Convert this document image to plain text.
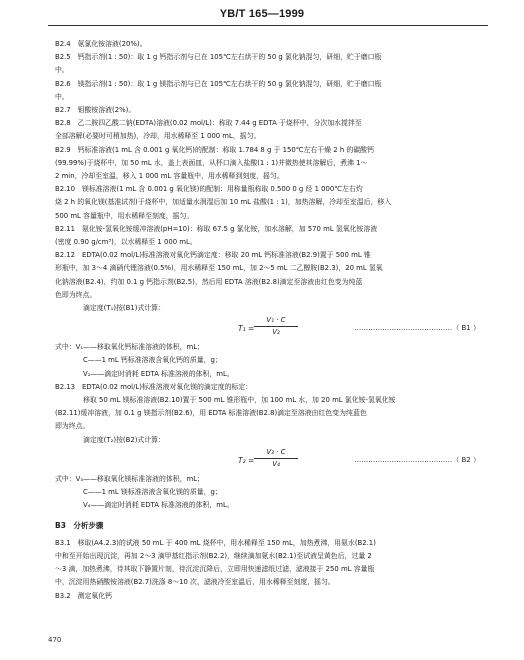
YB/T 165—1999

B2.4　氨氯化铵溶液(20%)。

B2.5　钙指示剂(1 : 50)：取 1 g 钙指示剂与已在 105℃左右烘干的 50 g 氯化钠混匀，研细，贮于磨口瓶

中。

B2.6　镁指示剂(1 : 50)：取 1 g 镁指示剂与已在 105℃左右烘干的 50 g 氯化钠混匀，研细，贮于磨口瓶

中。

B2.7　钼酸铵溶液(2%)。

B2.8　乙二胺四乙酸二钠(EDTA)溶液(0.02 mol/L)：称取 7.44 g EDTA 于烧杯中，分次加水搅拌至

全部溶解(必要时可稍加热)，冷却，用水稀释至 1 000 mL，摇匀。

B2.9　钙标准溶液(1 mL 含 0.001 g 氧化钙)的配制：称取 1.784 8 g 于 150℃左右干燥 2 h 的碳酸钙

(99.99%)于烧杯中，加 50 mL 水，盖上表面皿，从杯口滴入盐酸(1 : 1)并微热使其溶解后，煮沸 1～

2 min，冷却至室温，移入 1 000 mL 容量瓶中，用水稀释到刻度，摇匀。

B2.10　镁标准溶液(1 mL 含 0.001 g 氧化镁)的配制：用称量瓶称取 0.500 0 g 经 1 000℃左右灼

烧 2 h 的氧化镁(基准试剂)于烧杯中，加适量水润湿后加 10 mL 盐酸(1 : 1)，加热溶解，冷却至室温后，移入

500 mL 容量瓶中，用水稀释至刻度，摇匀。

B2.11　氨化铵-氢氧化铵缓冲溶液(pH=10)：称取 67.5 g 氯化铵，加水溶解，加 570 mL 氢氧化铵溶液

(密度 0.90 g/cm³)，以水稀释至 1 000 mL。

B2.12　EDTA(0.02 mol/L)标准溶液对氧化钙滴定度：移取 20 mL 钙标准溶液(B2.9)置于 500 mL 锥

形瓶中，加 3～4 滴硝代锂溶液(0.5%)，用水稀释至 150 mL，加 2～5 mL 二乙醇胺(B2.3)，20 mL 氢氧

化钠溶液(B2.4)，约加 0.1 g 钙指示剂(B2.5)，然后用 EDTA 溶液(B2.8)滴定至溶液由红色变为纯蓝

色即为终点。

滴定度(T₁)按(B1)式计算：

T₁ =
V₁ · C
V₂	……………………………………（ B1 ）

式中：V₁——移取氧化钙标准溶液的体积，mL；

C——1 mL 钙标准溶液含氧化钙的质量，g；

V₂——滴定时消耗 EDTA 标准溶液的体积，mL。

B2.13　EDTA(0.02 mol/L)标准溶液对氧化镁的滴定度的标定：

移取 50 mL 镁标准溶液(B2.10)置于 500 mL 锥形瓶中，加 100 mL 水，加 20 mL 氯化铵-氢氧化铵

(B2.11)缓冲溶液，加 0.1 g 镁指示剂(B2.6)，用 EDTA 标准溶液(B2.8)滴定至溶液由红色变为纯蓝色

即为终点。

滴定度(T₂)按(B2)式计算：

T₂ =
V₃ · C
V₄	……………………………………（ B2 ）

式中：V₃——移取氧化镁标准溶液的体积，mL；

C——1 mL 镁标准溶液含氧化镁的质量，g；

V₄——滴定时消耗 EDTA 标准溶液的体积，mL。

B3　分析步骤

B3.1　移取(A4.2.3)的试液 50 mL 于 400 mL 烧杯中，用水稀释至 150 mL，加热煮沸，用氨水(B2.1)

中和至开始出现沉淀，再加 2～3 滴甲基红指示剂(B2.2)，继续滴加氨水(B2.1)至试液呈黄色后，过量 2

～3 滴，加热煮沸，待其取下静置片刻，待沉淀沉降后，立即用快速滤纸过滤，滤液接于 250 mL 容量瓶

中，沉淀用热硝酸铵溶液(B2.7)洗涤 8～10 次，滤液冷至室温后，用水稀释至刻度，摇匀。

B3.2　测定氧化钙

470
